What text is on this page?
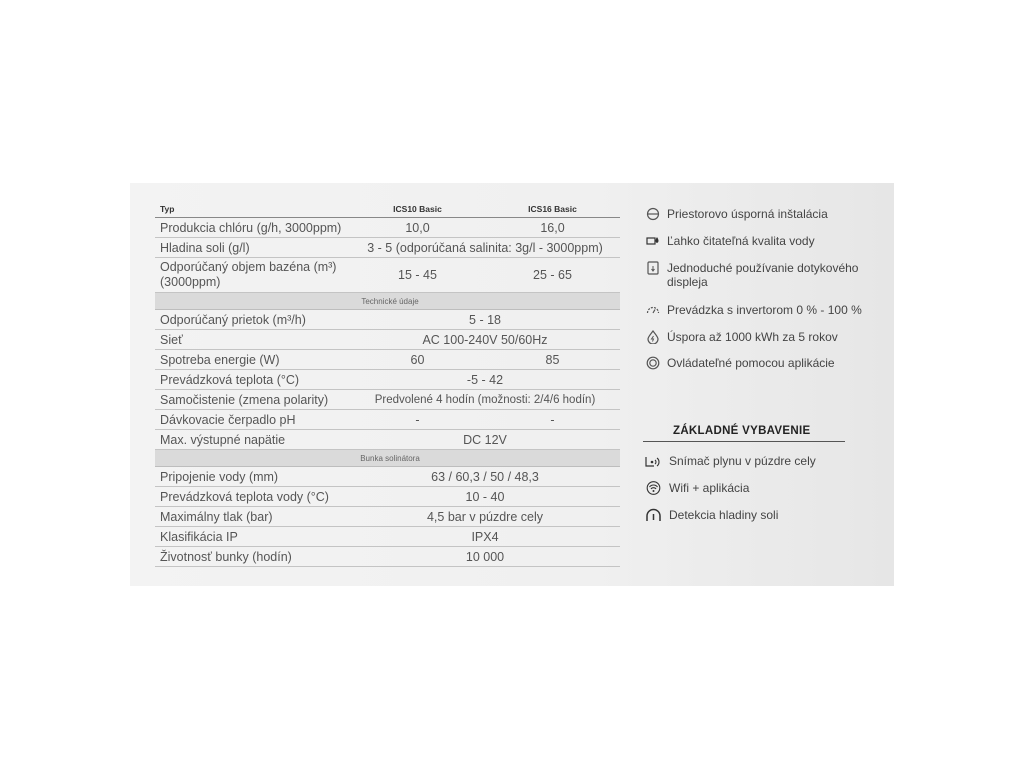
Typ	ICS10 Basic	ICS16 Basic
Produkcia chlóru (g/h, 3000ppm)	10,0	16,0
Hladina soli (g/l)	3 - 5 (odporúčaná salinita: 3g/l - 3000ppm)	
Odporúčaný objem bazéna (m³) (3000ppm)	15 - 45	25 - 65
Technické údaje		
Odporúčaný prietok (m³/h)	5 - 18	
Sieť	AC 100-240V 50/60Hz	
Spotreba energie (W)	60	85
Prevádzková teplota (°C)	-5 - 42	
Samočistenie (zmena polarity)	Predvolené 4 hodín (možnosti: 2/4/6 hodín)	
Dávkovacie čerpadlo pH	-	-
Max. výstupné napätie	DC 12V	
Bunka solinátora		
Pripojenie vody (mm)	63 / 60,3 / 50 / 48,3	
Prevádzková teplota vody (°C)	10 - 40	
Maximálny tlak (bar)	4,5 bar v púzdre cely	
Klasifikácia IP	IPX4	
Životnosť bunky (hodín)	10 000	
Priestorovo úsporná inštalácia
Ľahko čitateľná kvalita vody
Jednoduché používanie dotykového displeja
Prevádzka s invertorom 0 % - 100 %
Úspora až 1000 kWh za 5 rokov
Ovládateľné pomocou aplikácie
ZÁKLADNÉ VYBAVENIE
Snímač plynu v púzdre cely
Wifi + aplikácia
Detekcia hladiny soli
